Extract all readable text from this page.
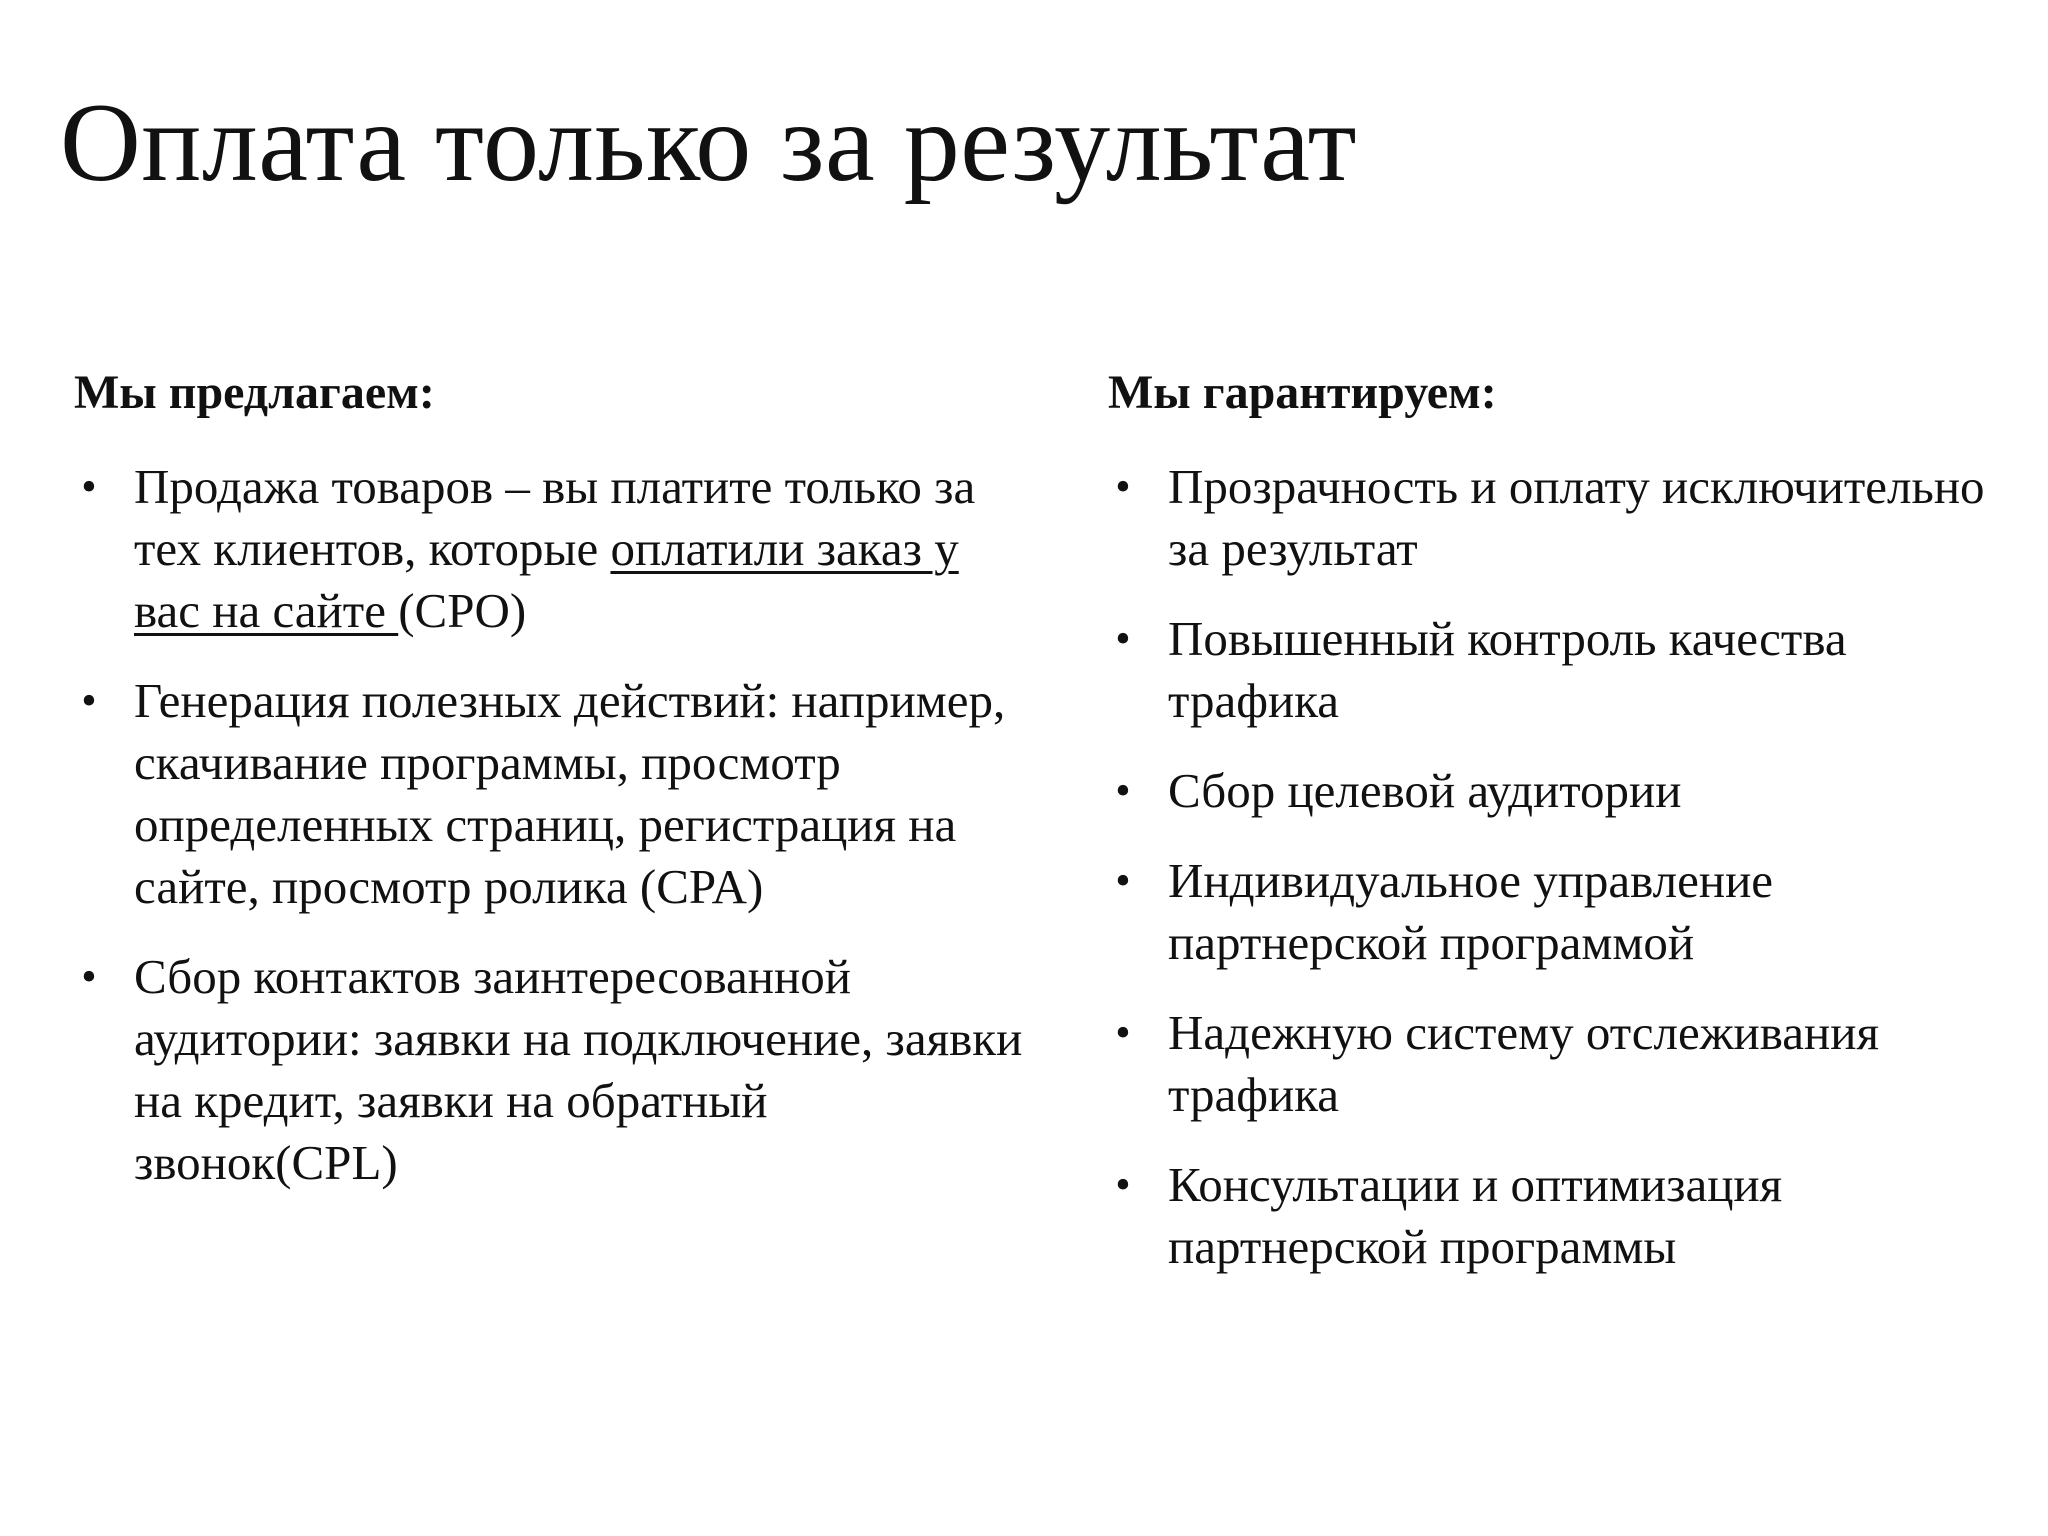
Оплата только за результат
Мы предлагаем:
• Продажа товаров – вы платите только за тех клиентов, которые оплатили заказ у вас на сайте (CPO)
• Генерация полезных действий: например, скачивание программы, просмотр определенных страниц, регистрация на сайте, просмотр ролика (CPA)
• Сбор контактов заинтересованной аудитории: заявки на подключение, заявки на кредит, заявки на обратный звонок(CPL)
Мы гарантируем:
• Прозрачность и оплату исключительно за результат
• Повышенный контроль качества трафика
• Сбор целевой аудитории
• Индивидуальное управление партнерской программой
• Надежную систему отслеживания трафика
• Консультации и оптимизация партнерской программы
